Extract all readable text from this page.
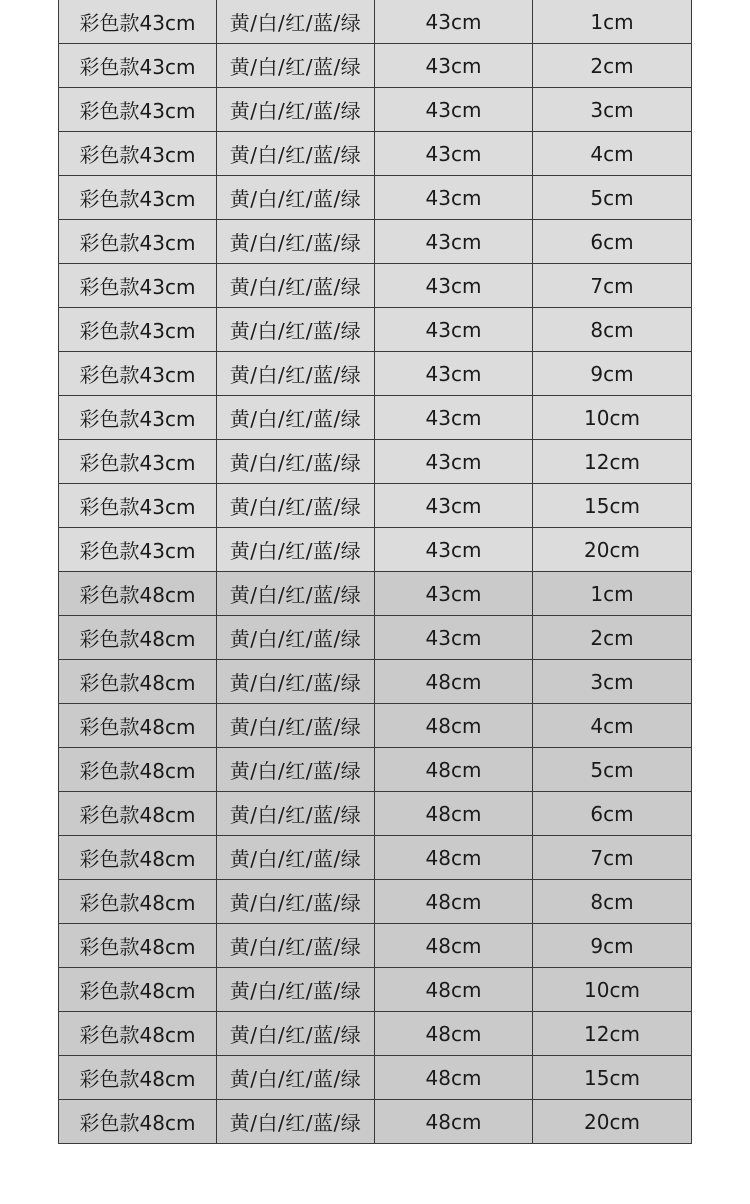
彩色款43cm	黄/白/红/蓝/绿	43cm	1cm
彩色款43cm	黄/白/红/蓝/绿	43cm	2cm
彩色款43cm	黄/白/红/蓝/绿	43cm	3cm
彩色款43cm	黄/白/红/蓝/绿	43cm	4cm
彩色款43cm	黄/白/红/蓝/绿	43cm	5cm
彩色款43cm	黄/白/红/蓝/绿	43cm	6cm
彩色款43cm	黄/白/红/蓝/绿	43cm	7cm
彩色款43cm	黄/白/红/蓝/绿	43cm	8cm
彩色款43cm	黄/白/红/蓝/绿	43cm	9cm
彩色款43cm	黄/白/红/蓝/绿	43cm	10cm
彩色款43cm	黄/白/红/蓝/绿	43cm	12cm
彩色款43cm	黄/白/红/蓝/绿	43cm	15cm
彩色款43cm	黄/白/红/蓝/绿	43cm	20cm
彩色款48cm	黄/白/红/蓝/绿	43cm	1cm
彩色款48cm	黄/白/红/蓝/绿	43cm	2cm
彩色款48cm	黄/白/红/蓝/绿	48cm	3cm
彩色款48cm	黄/白/红/蓝/绿	48cm	4cm
彩色款48cm	黄/白/红/蓝/绿	48cm	5cm
彩色款48cm	黄/白/红/蓝/绿	48cm	6cm
彩色款48cm	黄/白/红/蓝/绿	48cm	7cm
彩色款48cm	黄/白/红/蓝/绿	48cm	8cm
彩色款48cm	黄/白/红/蓝/绿	48cm	9cm
彩色款48cm	黄/白/红/蓝/绿	48cm	10cm
彩色款48cm	黄/白/红/蓝/绿	48cm	12cm
彩色款48cm	黄/白/红/蓝/绿	48cm	15cm
彩色款48cm	黄/白/红/蓝/绿	48cm	20cm
